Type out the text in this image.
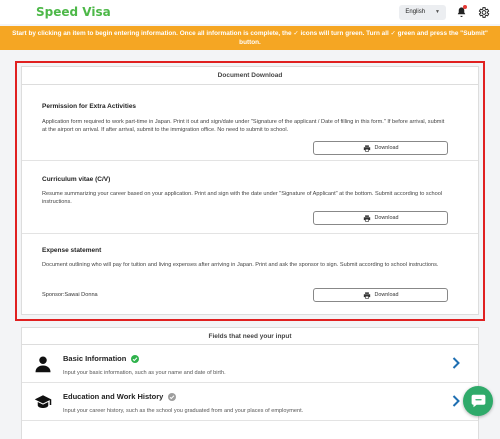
Speed Visa	English ▼
Start by clicking an item to begin entering information. Once all information is complete, the ✓ icons will turn green. Turn all ✓ green and press the "Submit" button.
Document Download
Permission for Extra Activities

Application form required to work part-time in Japan. Print it out and sign/date under "Signature of the applicant / Date of filling in this form." If before arrival, submit at the airport on arrival. If after arrival, submit to the immigration office. No need to submit to school.

Download
Curriculum vitae (C/V)

Resume summarizing your career based on your application. Print and sign with the date under "Signature of Applicant" at the bottom. Submit according to school instructions.

Download
Expense statement

Document outlining who will pay for tuition and living expenses after arriving in Japan. Print and ask the sponsor to sign. Submit according to school instructions.

Sponsor:Sawai Donna	Download
Fields that need your input
Basic Information
Input your basic information, such as your name and date of birth.
Education and Work History
Input your career history, such as the school you graduated from and your places of employment.
